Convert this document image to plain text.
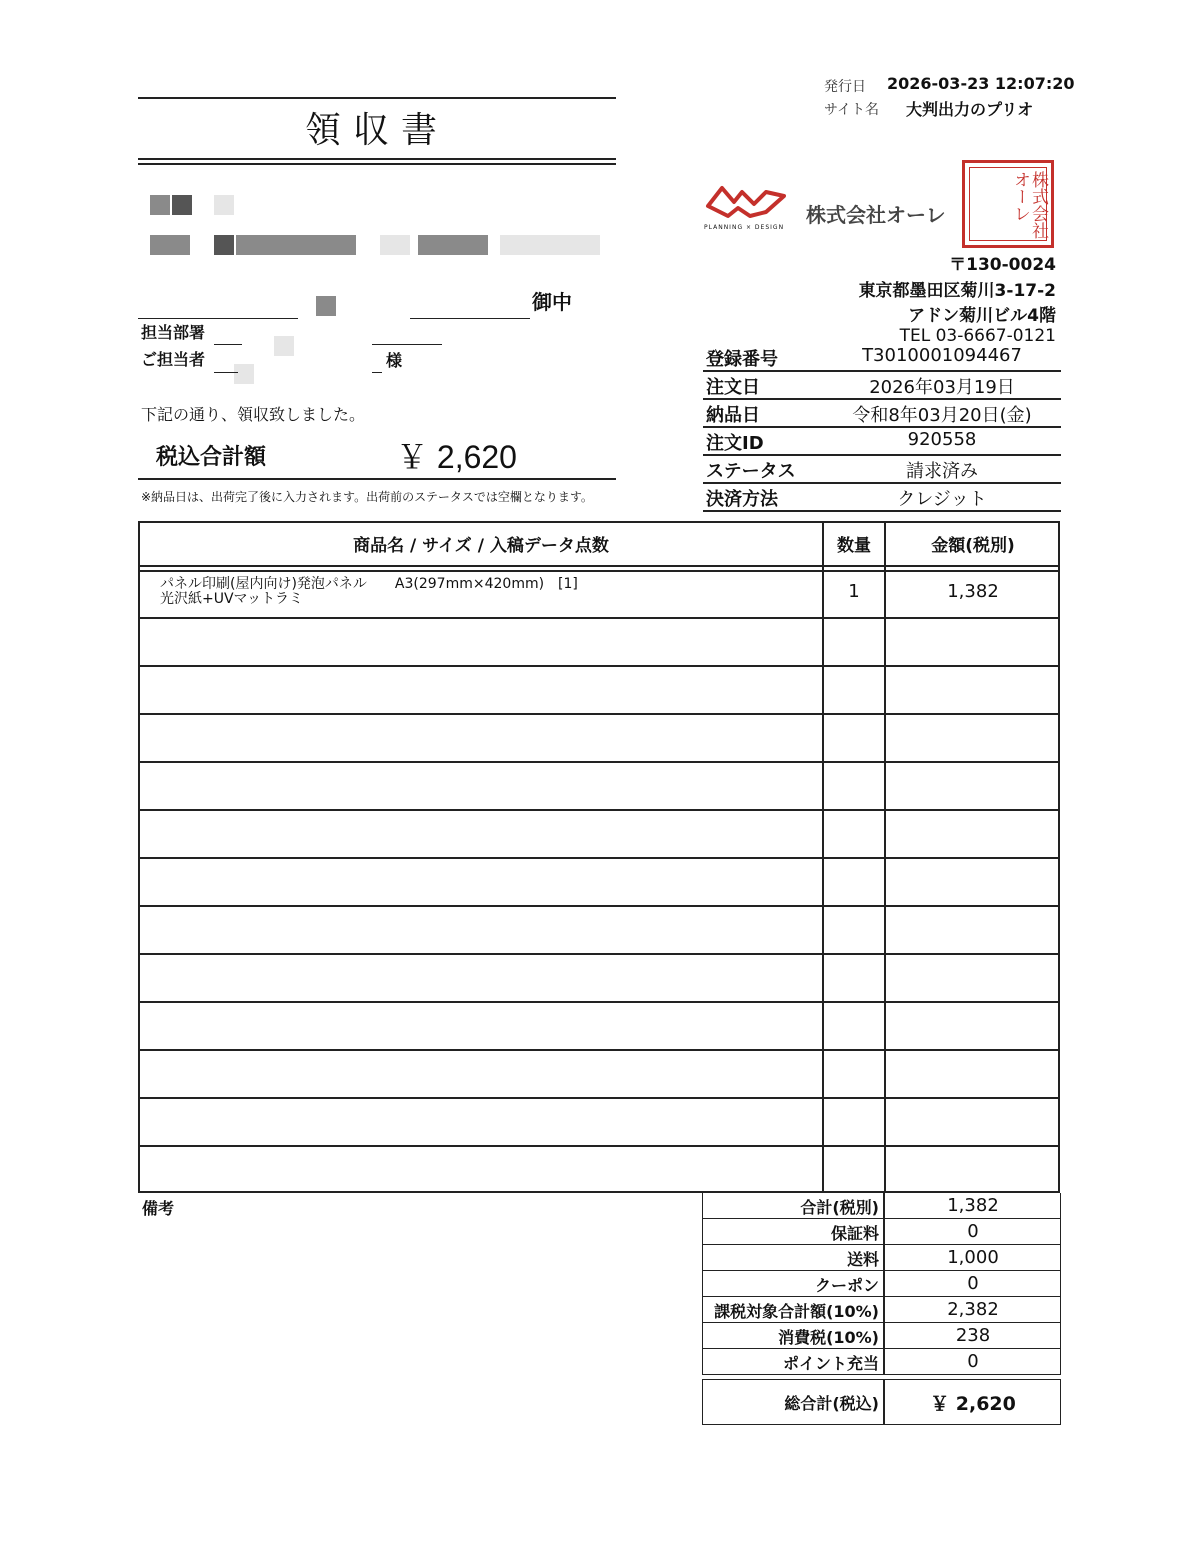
発行日 2026-03-23 12:07:20
サイト名 大判出力のプリオ
領収書
御中
担当部署
ご担当者	様
下記の通り、領収致しました。
税込合計額	￥ 2,620
※納品日は、出荷完了後に入力されます。出荷前のステータスでは空欄となります。
PLANNING × DESIGN
株式会社オーレ	株式会社オーレ
〒130-0024
東京都墨田区菊川3-17-2
アドン菊川ビル4階
TEL 03-6667-0121
登録番号	T3010001094467
注文日	2026年03月19日
納品日	令和8年03月20日(金)
注文ID	920558
ステータス	請求済み
決済方法	クレジット
商品名 / サイズ / 入稿データ点数	数量	金額(税別)
パネル印刷(屋内向け)発泡パネル　　A3(297mm×420mm)　[1]
光沢紙+UVマットラミ	1	1,382
備考	合計(税別)	1,382
保証料	0
送料	1,000
クーポン	0
課税対象合計額(10%)	2,382
消費税(10%)	238
ポイント充当	0
総合計(税込)	￥ 2,620
